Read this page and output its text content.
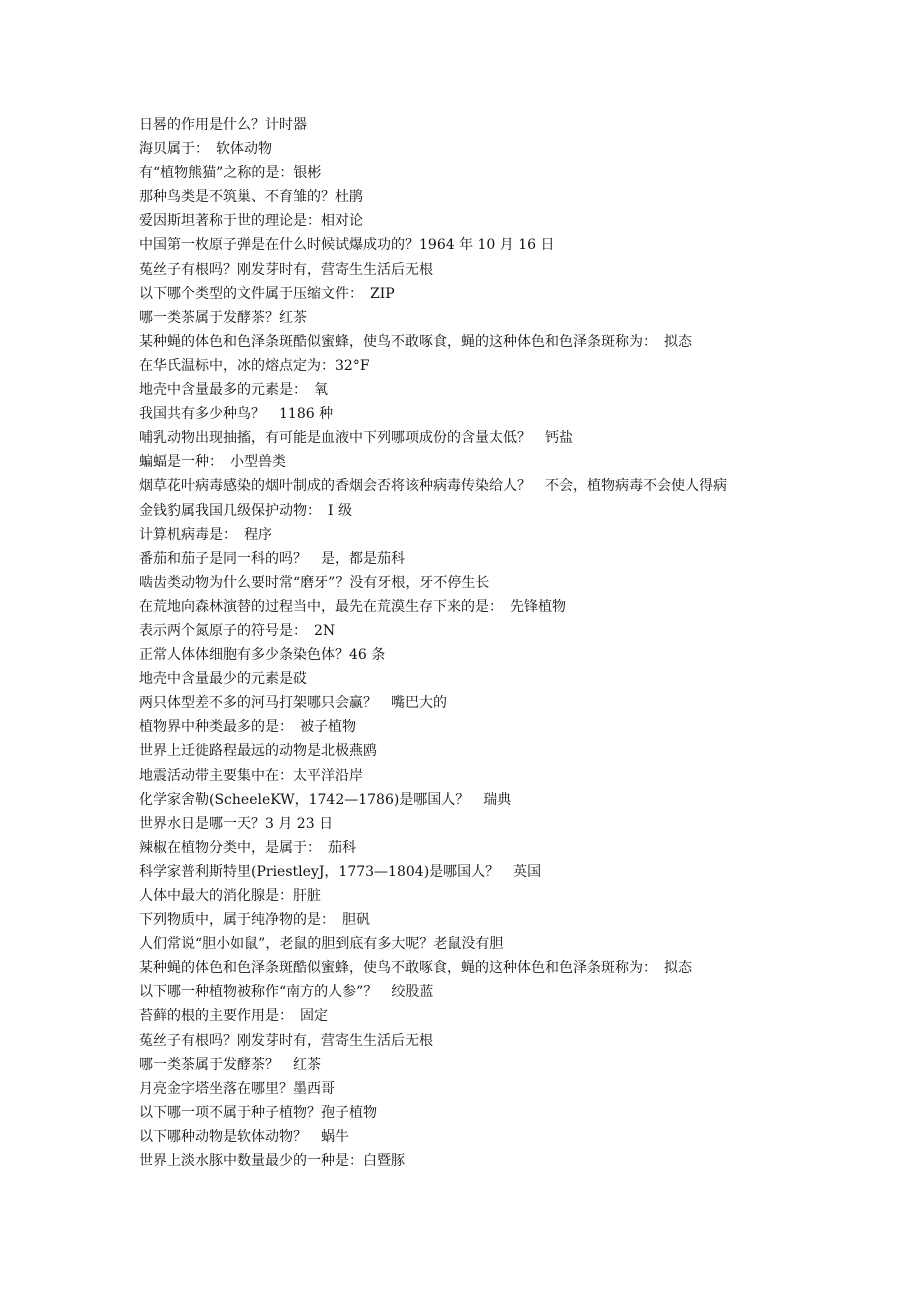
日晷的作用是什么？计时器
海贝属于：　软体动物
有“植物熊猫”之称的是：银彬
那种鸟类是不筑巢、不育雏的？杜鹃
爱因斯坦著称于世的理论是：相对论
中国第一枚原子弹是在什么时候试爆成功的？1964 年 10 月 16 日
菟丝子有根吗？刚发芽时有，营寄生生活后无根
以下哪个类型的文件属于压缩文件：　ZIP
哪一类茶属于发酵茶？红茶
某种蝇的体色和色泽条斑酷似蜜蜂，使鸟不敢啄食，蝇的这种体色和色泽条斑称为：　拟态
在华氏温标中，冰的熔点定为：32°F
地壳中含量最多的元素是：　氧
我国共有多少种鸟？　1186 种
哺乳动物出现抽搐，有可能是血液中下列哪项成份的含量太低？　钙盐
蝙蝠是一种：　小型兽类
烟草花叶病毒感染的烟叶制成的香烟会否将该种病毒传染给人？　不会，植物病毒不会使人得病
金钱豹属我国几级保护动物：　I 级
计算机病毒是：　程序
番茄和茄子是同一科的吗？　是，都是茄科
啮齿类动物为什么要时常“磨牙”？没有牙根，牙不停生长
在荒地向森林演替的过程当中，最先在荒漠生存下来的是：　先锋植物
表示两个氮原子的符号是：　2N
正常人体体细胞有多少条染色体？46 条
地壳中含量最少的元素是砹
两只体型差不多的河马打架哪只会赢？　嘴巴大的
植物界中种类最多的是：　被子植物
世界上迁徙路程最远的动物是北极燕鸥
地震活动带主要集中在：太平洋沿岸
化学家舍勒(ScheeleKW，1742—1786)是哪国人？　瑞典
世界水日是哪一天？3 月 23 日
辣椒在植物分类中，是属于：　茄科
科学家普利斯特里(PriestleyJ，1773—1804)是哪国人？　英国
人体中最大的消化腺是：肝脏
下列物质中，属于纯净物的是：　胆矾
人们常说“胆小如鼠”，老鼠的胆到底有多大呢？老鼠没有胆
某种蝇的体色和色泽条斑酷似蜜蜂，使鸟不敢啄食，蝇的这种体色和色泽条斑称为：　拟态
以下哪一种植物被称作“南方的人参”？　绞股蓝
苔藓的根的主要作用是：　固定
菟丝子有根吗？刚发芽时有，营寄生生活后无根
哪一类茶属于发酵茶？　红茶
月亮金字塔坐落在哪里？墨西哥
以下哪一项不属于种子植物？孢子植物
以下哪种动物是软体动物？　蜗牛
世界上淡水豚中数量最少的一种是：白暨豚
